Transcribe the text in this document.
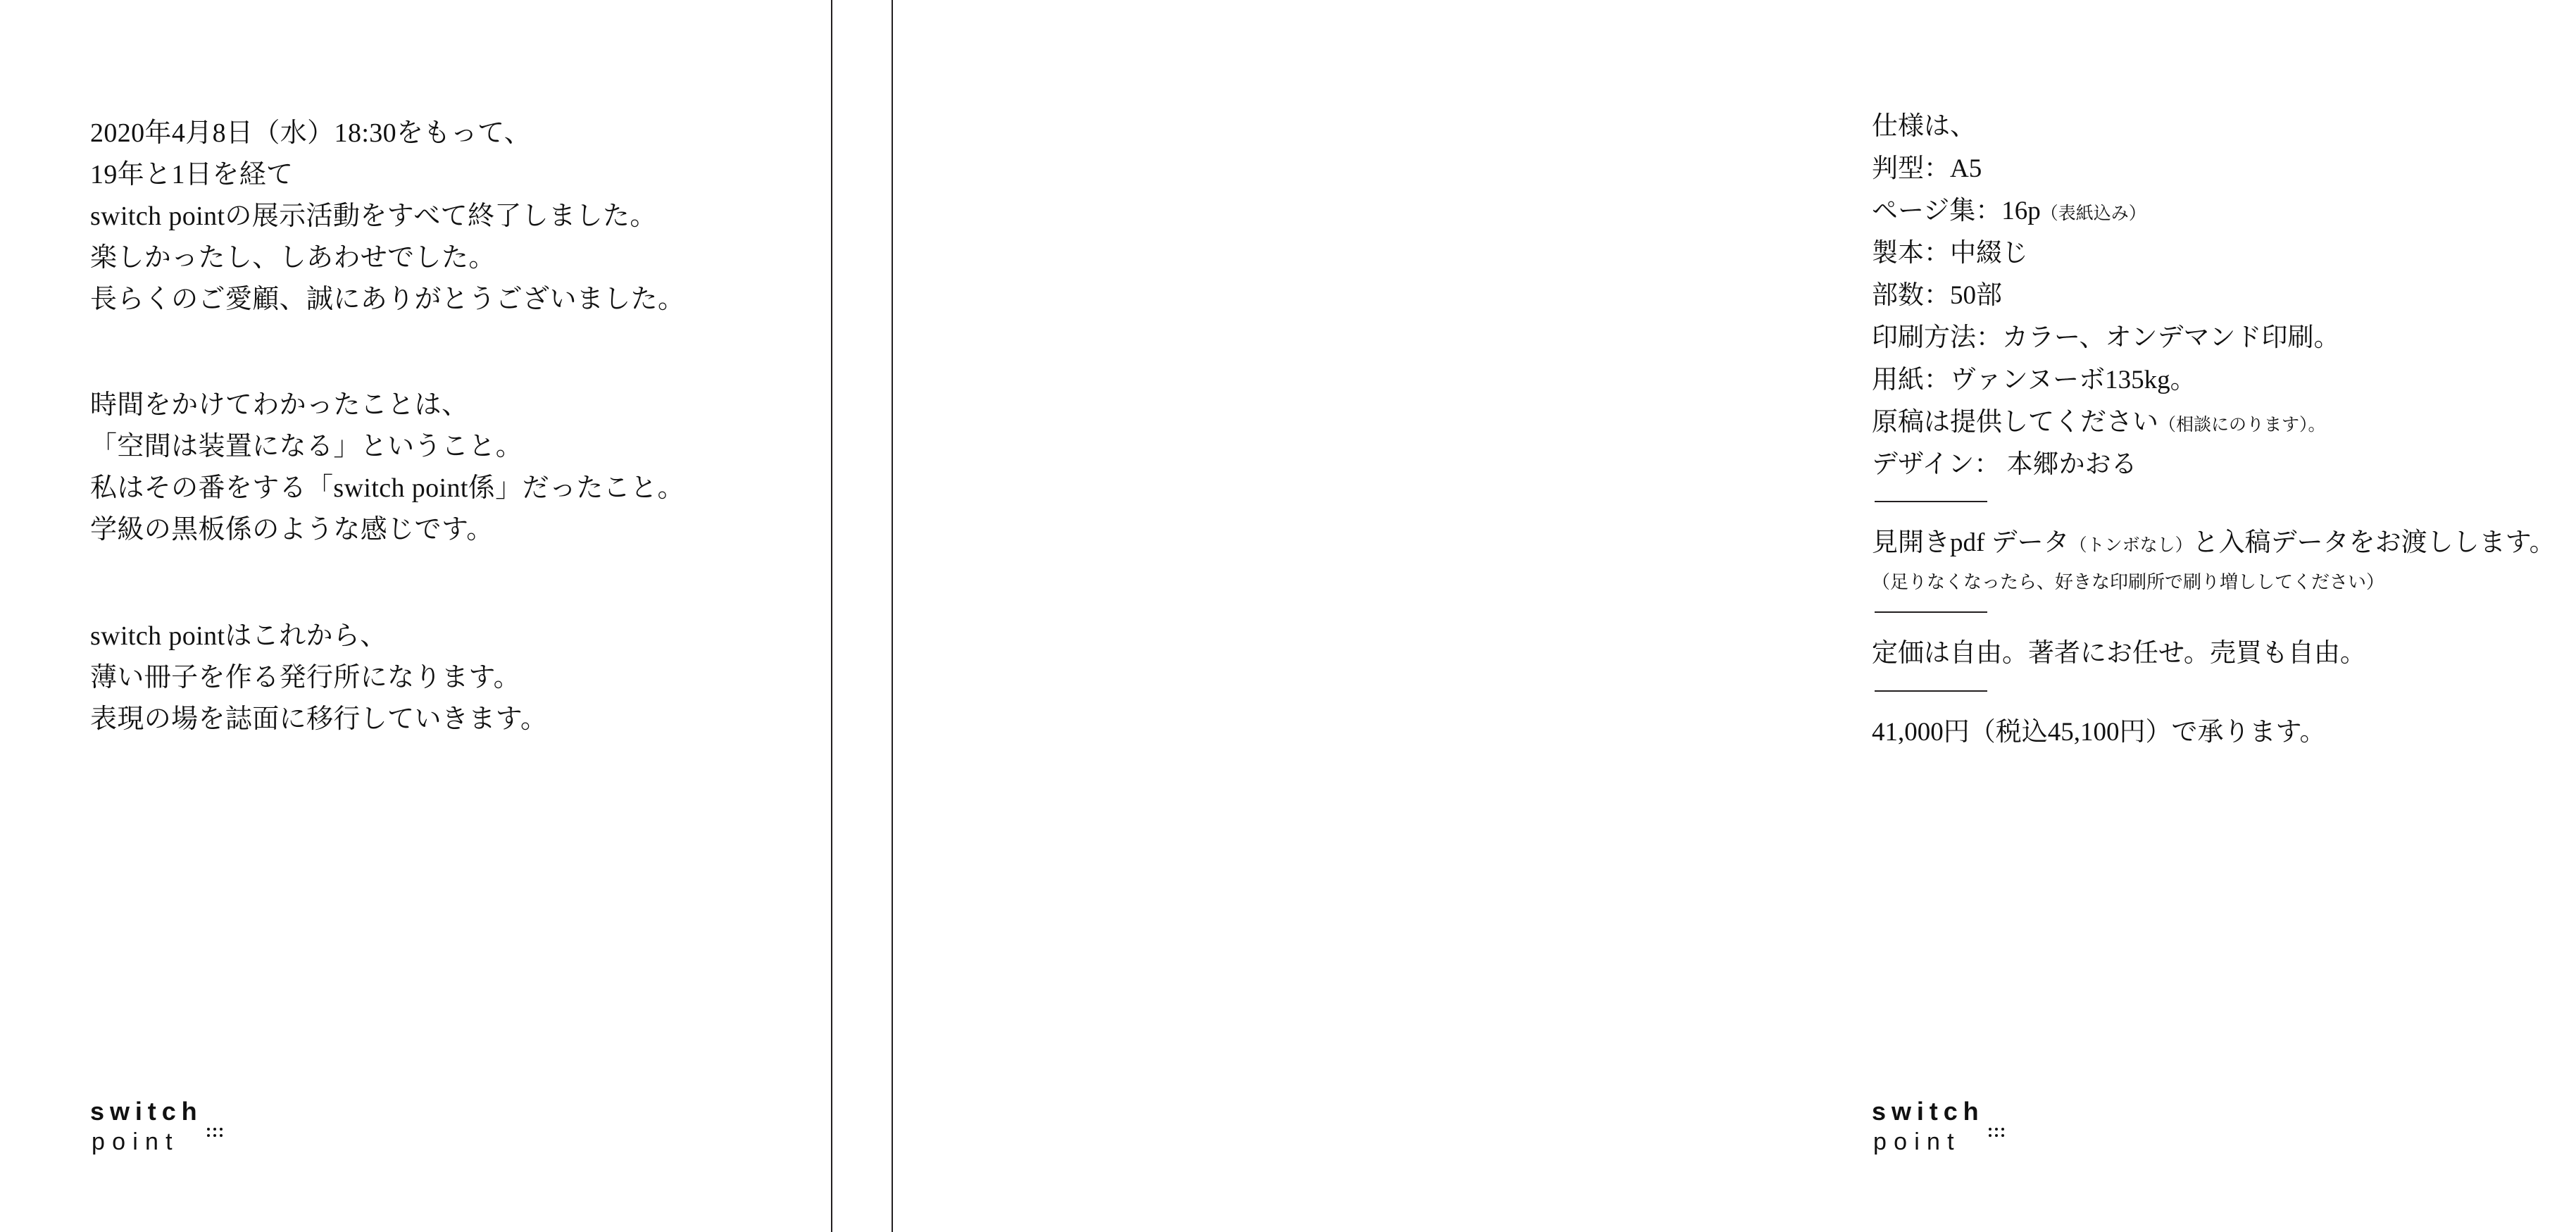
2020年4月8日（水）18:30をもって、
19年と1日を経て
switch pointの展示活動をすべて終了しました。
楽しかったし、しあわせでした。
長らくのご愛顧、誠にありがとうございました。
時間をかけてわかったことは、
「空間は装置になる」ということ。
私はその番をする「switch point係」だったこと。
学級の黒板係のような感じです。
switch pointはこれから、
薄い冊子を作る発行所になります。
表現の場を誌面に移行していきます。
switch
point
仕様は、
判型：A5
ページ集：16p（表紙込み）
製本：中綴じ
部数：50部
印刷方法：カラー、オンデマンド印刷。
用紙：ヴァンヌーボ135kg。
原稿は提供してください（相談にのります）。
デザイン： 本郷かおる
見開きpdf データ（トンボなし）と入稿データをお渡しします。
（足りなくなったら、好きな印刷所で刷り増ししてください）
定価は自由。著者にお任せ。売買も自由。
41,000円（税込45,100円）で承ります。
switch
point
